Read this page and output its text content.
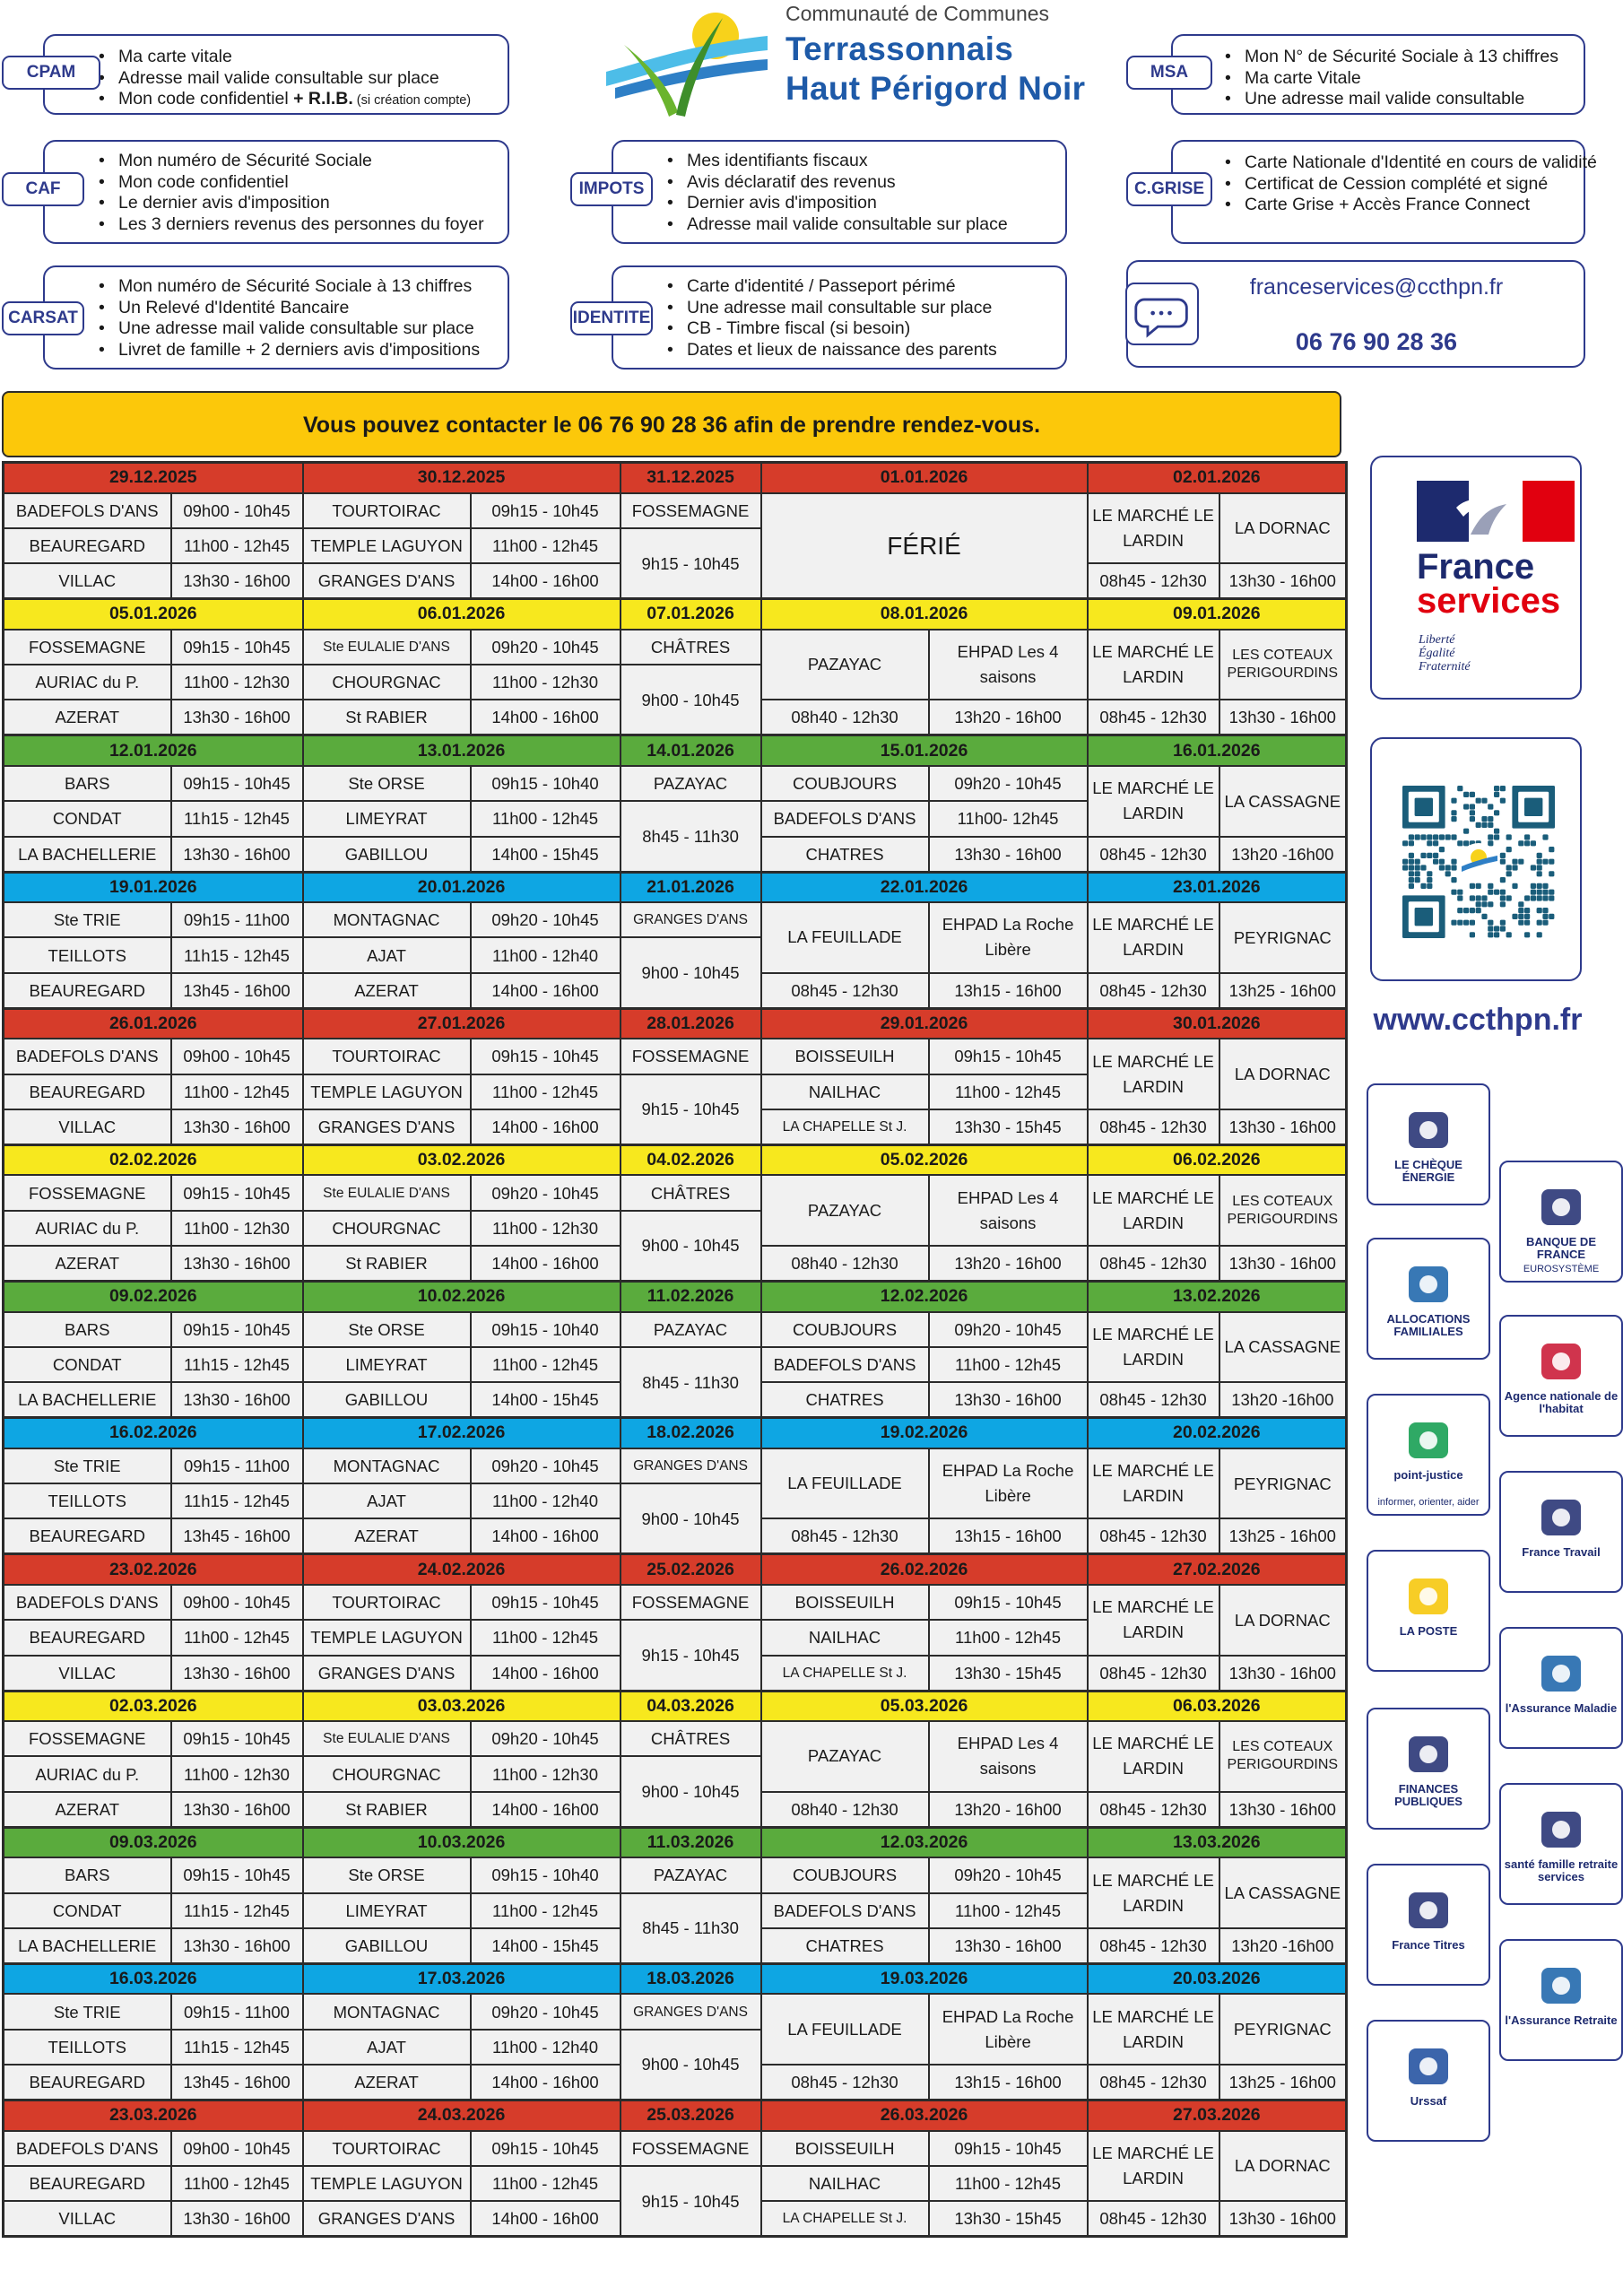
• Ma carte vitale
• Adresse mail valide consultable sur place
• Mon code confidentiel + R.I.B. (si création compte)
CPAM
• Mon numéro de Sécurité Sociale
• Mon code confidentiel
• Le dernier avis d'imposition
• Les 3 derniers revenus des personnes du foyer
CAF
• Mon numéro de Sécurité Sociale à 13 chiffres
• Un Relevé d'Identité Bancaire
• Une adresse mail valide consultable sur place
• Livret de famille + 2 derniers avis d'impositions
CARSAT
• Mes identifiants fiscaux
• Avis déclaratif des revenus
• Dernier avis d'imposition
• Adresse mail valide consultable sur place
IMPOTS
• Carte d'identité / Passeport périmé
• Une adresse mail consultable sur place
• CB - Timbre fiscal (si besoin)
• Dates et lieux de naissance des parents
IDENTITE
• Mon N° de Sécurité Sociale à 13 chiffres
• Ma carte Vitale
• Une adresse mail valide consultable
MSA
• Carte Nationale d'Identité en cours de validité
• Certificat de Cession complété et signé
• Carte Grise + Accès France Connect
C.GRISE
Communauté de Communes
Terrassonnais
Haut Périgord Noir
franceservices@ccthpn.fr
06 76 90 28 36
Vous pouvez contacter le 06 76 90 28 36 afin de prendre rendez-vous.
29.12.2025		30.12.2025		31.12.2025	01.01.2026		02.01.2026	
BADEFOLS D'ANS	09h00 - 10h45	TOURTOIRAC	09h15 - 10h45	FOSSEMAGNE	FÉRIÉ		LE MARCHÉ LE LARDIN	LA DORNAC
BEAUREGARD	11h00 - 12h45	TEMPLE LAGUYON	11h00 - 12h45	9h15 - 10h45				
VILLAC	13h30 - 16h00	GRANGES D'ANS	14h00 - 16h00				08h45 - 12h30	13h30 - 16h00
05.01.2026		06.01.2026		07.01.2026	08.01.2026		09.01.2026	
FOSSEMAGNE	09h15 - 10h45	Ste EULALIE D'ANS	09h20 - 10h45	CHÂTRES	PAZAYAC	EHPAD Les 4 saisons	LE MARCHÉ LE LARDIN	LES COTEAUX PERIGOURDINS
AURIAC du P.	11h00 - 12h30	CHOURGNAC	11h00 - 12h30	9h00 - 10h45				
AZERAT	13h30 - 16h00	St RABIER	14h00 - 16h00		08h40 - 12h30	13h20 - 16h00	08h45 - 12h30	13h30 - 16h00
12.01.2026		13.01.2026		14.01.2026	15.01.2026		16.01.2026	
BARS	09h15 - 10h45	Ste ORSE	09h15 - 10h40	PAZAYAC	COUBJOURS	09h20 - 10h45	LE MARCHÉ LE LARDIN	LA CASSAGNE
CONDAT	11h15 - 12h45	LIMEYRAT	11h00 - 12h45	8h45 - 11h30	BADEFOLS D'ANS	11h00- 12h45		
LA BACHELLERIE	13h30 - 16h00	GABILLOU	14h00 - 15h45		CHATRES	13h30 - 16h00	08h45 - 12h30	13h20 -16h00
19.01.2026		20.01.2026		21.01.2026	22.01.2026		23.01.2026	
Ste TRIE	09h15 - 11h00	MONTAGNAC	09h20 - 10h45	GRANGES D'ANS	LA FEUILLADE	EHPAD La Roche Libère	LE MARCHÉ LE LARDIN	PEYRIGNAC
TEILLOTS	11h15 - 12h45	AJAT	11h00 - 12h40	9h00 - 10h45				
BEAUREGARD	13h45 - 16h00	AZERAT	14h00 - 16h00		08h45 - 12h30	13h15 - 16h00	08h45 - 12h30	13h25 - 16h00
26.01.2026		27.01.2026		28.01.2026	29.01.2026		30.01.2026	
BADEFOLS D'ANS	09h00 - 10h45	TOURTOIRAC	09h15 - 10h45	FOSSEMAGNE	BOISSEUILH	09h15 - 10h45	LE MARCHÉ LE LARDIN	LA DORNAC
BEAUREGARD	11h00 - 12h45	TEMPLE LAGUYON	11h00 - 12h45	9h15 - 10h45	NAILHAC	11h00 - 12h45		
VILLAC	13h30 - 16h00	GRANGES D'ANS	14h00 - 16h00		LA CHAPELLE St J.	13h30 - 15h45	08h45 - 12h30	13h30 - 16h00
02.02.2026		03.02.2026		04.02.2026	05.02.2026		06.02.2026	
FOSSEMAGNE	09h15 - 10h45	Ste EULALIE D'ANS	09h20 - 10h45	CHÂTRES	PAZAYAC	EHPAD Les 4 saisons	LE MARCHÉ LE LARDIN	LES COTEAUX PERIGOURDINS
AURIAC du P.	11h00 - 12h30	CHOURGNAC	11h00 - 12h30	9h00 - 10h45				
AZERAT	13h30 - 16h00	St RABIER	14h00 - 16h00		08h40 - 12h30	13h20 - 16h00	08h45 - 12h30	13h30 - 16h00
09.02.2026		10.02.2026		11.02.2026	12.02.2026		13.02.2026	
BARS	09h15 - 10h45	Ste ORSE	09h15 - 10h40	PAZAYAC	COUBJOURS	09h20 - 10h45	LE MARCHÉ LE LARDIN	LA CASSAGNE
CONDAT	11h15 - 12h45	LIMEYRAT	11h00 - 12h45	8h45 - 11h30	BADEFOLS D'ANS	11h00 - 12h45		
LA BACHELLERIE	13h30 - 16h00	GABILLOU	14h00 - 15h45		CHATRES	13h30 - 16h00	08h45 - 12h30	13h20 -16h00
16.02.2026		17.02.2026		18.02.2026	19.02.2026		20.02.2026	
Ste TRIE	09h15 - 11h00	MONTAGNAC	09h20 - 10h45	GRANGES D'ANS	LA FEUILLADE	EHPAD La Roche Libère	LE MARCHÉ LE LARDIN	PEYRIGNAC
TEILLOTS	11h15 - 12h45	AJAT	11h00 - 12h40	9h00 - 10h45				
BEAUREGARD	13h45 - 16h00	AZERAT	14h00 - 16h00		08h45 - 12h30	13h15 - 16h00	08h45 - 12h30	13h25 - 16h00
23.02.2026		24.02.2026		25.02.2026	26.02.2026		27.02.2026	
BADEFOLS D'ANS	09h00 - 10h45	TOURTOIRAC	09h15 - 10h45	FOSSEMAGNE	BOISSEUILH	09h15 - 10h45	LE MARCHÉ LE LARDIN	LA DORNAC
BEAUREGARD	11h00 - 12h45	TEMPLE LAGUYON	11h00 - 12h45	9h15 - 10h45	NAILHAC	11h00 - 12h45		
VILLAC	13h30 - 16h00	GRANGES D'ANS	14h00 - 16h00		LA CHAPELLE St J.	13h30 - 15h45	08h45 - 12h30	13h30 - 16h00
02.03.2026		03.03.2026		04.03.2026	05.03.2026		06.03.2026	
FOSSEMAGNE	09h15 - 10h45	Ste EULALIE D'ANS	09h20 - 10h45	CHÂTRES	PAZAYAC	EHPAD Les 4 saisons	LE MARCHÉ LE LARDIN	LES COTEAUX PERIGOURDINS
AURIAC du P.	11h00 - 12h30	CHOURGNAC	11h00 - 12h30	9h00 - 10h45				
AZERAT	13h30 - 16h00	St RABIER	14h00 - 16h00		08h40 - 12h30	13h20 - 16h00	08h45 - 12h30	13h30 - 16h00
09.03.2026		10.03.2026		11.03.2026	12.03.2026		13.03.2026	
BARS	09h15 - 10h45	Ste ORSE	09h15 - 10h40	PAZAYAC	COUBJOURS	09h20 - 10h45	LE MARCHÉ LE LARDIN	LA CASSAGNE
CONDAT	11h15 - 12h45	LIMEYRAT	11h00 - 12h45	8h45 - 11h30	BADEFOLS D'ANS	11h00 - 12h45		
LA BACHELLERIE	13h30 - 16h00	GABILLOU	14h00 - 15h45		CHATRES	13h30 - 16h00	08h45 - 12h30	13h20 -16h00
16.03.2026		17.03.2026		18.03.2026	19.03.2026		20.03.2026	
Ste TRIE	09h15 - 11h00	MONTAGNAC	09h20 - 10h45	GRANGES D'ANS	LA FEUILLADE	EHPAD La Roche Libère	LE MARCHÉ LE LARDIN	PEYRIGNAC
TEILLOTS	11h15 - 12h45	AJAT	11h00 - 12h40	9h00 - 10h45				
BEAUREGARD	13h45 - 16h00	AZERAT	14h00 - 16h00		08h45 - 12h30	13h15 - 16h00	08h45 - 12h30	13h25 - 16h00
23.03.2026		24.03.2026		25.03.2026	26.03.2026		27.03.2026	
BADEFOLS D'ANS	09h00 - 10h45	TOURTOIRAC	09h15 - 10h45	FOSSEMAGNE	BOISSEUILH	09h15 - 10h45	LE MARCHÉ LE LARDIN	LA DORNAC
BEAUREGARD	11h00 - 12h45	TEMPLE LAGUYON	11h00 - 12h45	9h15 - 10h45	NAILHAC	11h00 - 12h45		
VILLAC	13h30 - 16h00	GRANGES D'ANS	14h00 - 16h00		LA CHAPELLE St J.	13h30 - 15h45	08h45 - 12h30	13h30 - 16h00
France
services
Liberté
Égalité
Fraternité
www.ccthpn.fr
LE CHÈQUE ÉNERGIE
ALLOCATIONS FAMILIALES
point-justice
informer, orienter, aider
LA POSTE
FINANCES PUBLIQUES
France Titres
Urssaf
BANQUE DE FRANCE
EUROSYSTÈME
Agence nationale de l'habitat
France Travail
l'Assurance Maladie
santé famille retraite services
l'Assurance Retraite
